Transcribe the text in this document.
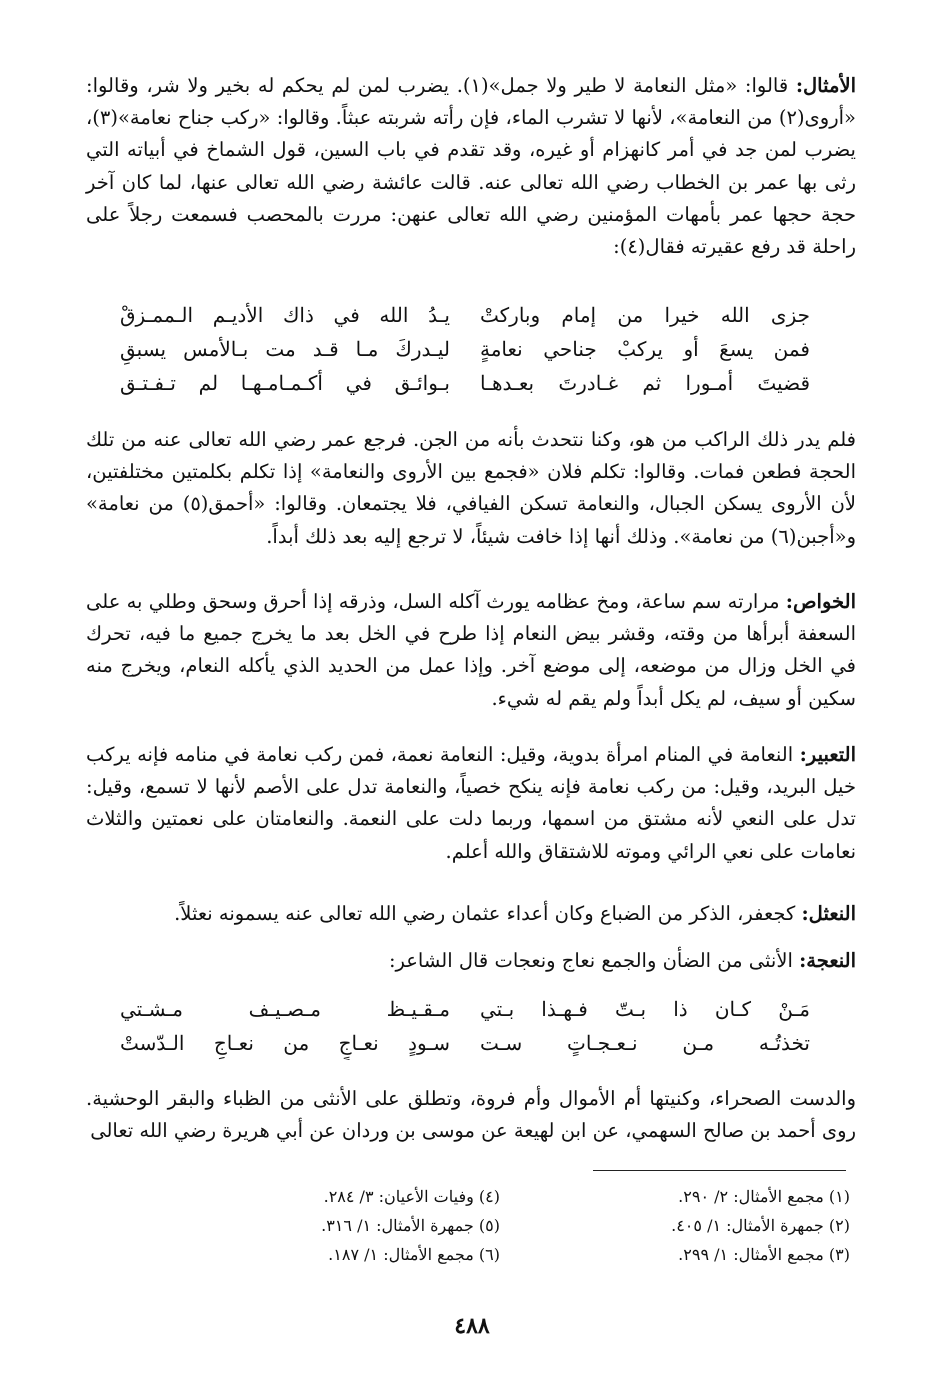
الأمثال: قالوا: «مثل النعامة لا طير ولا جمل»(١). يضرب لمن لم يحكم له بخير ولا شر، وقالوا: «أروى(٢) من النعامة»، لأنها لا تشرب الماء، فإن رأته شربته عبثاً. وقالوا: «ركب جناح نعامة»(٣)، يضرب لمن جد في أمر كانهزام أو غيره، وقد تقدم في باب السين، قول الشماخ في أبياته التي رثى بها عمر بن الخطاب رضي الله تعالى عنه. قالت عائشة رضي الله تعالى عنها، لما كان آخر حجة حجها عمر بأمهات المؤمنين رضي الله تعالى عنهن: مررت بالمحصب فسمعت رجلاً على راحلة قد رفع عقيرته فقال(٤):

جزى الله خيرا من إمام وباركتْ
يـدُ الله في ذاك الأديـم الـممـزقْ
فمن يسعَ أو يركبْ جناحي نعامةٍ
ليـدركَ مـا قـد مت بـالأمس يسبقِ
قضيتَ أمـورا ثم غـادرتَ بعـدهـا
بـوائـق في أكـمـامـهـا لم تـفـتـق

فلم يدر ذلك الراكب من هو، وكنا نتحدث بأنه من الجن. فرجع عمر رضي الله تعالى عنه من تلك الحجة فطعن فمات. وقالوا: تكلم فلان «فجمع بين الأروى والنعامة» إذا تكلم بكلمتين مختلفتين، لأن الأروى يسكن الجبال، والنعامة تسكن الفيافي، فلا يجتمعان. وقالوا: «أحمق(٥) من نعامة» و«أجبن(٦) من نعامة». وذلك أنها إذا خافت شيئاً، لا ترجع إليه بعد ذلك أبداً.

الخواص: مرارته سم ساعة، ومخ عظامه يورث آكله السل، وذرقه إذا أحرق وسحق وطلي به على السعفة أبرأها من وقته، وقشر بيض النعام إذا طرح في الخل بعد ما يخرج جميع ما فيه، تحرك في الخل وزال من موضعه، إلى موضع آخر. وإذا عمل من الحديد الذي يأكله النعام، ويخرج منه سكين أو سيف، لم يكل أبداً ولم يقم له شيء.

التعبير: النعامة في المنام امرأة بدوية، وقيل: النعامة نعمة، فمن ركب نعامة في منامه فإنه يركب خيل البريد، وقيل: من ركب نعامة فإنه ينكح خصياً، والنعامة تدل على الأصم لأنها لا تسمع، وقيل: تدل على النعي لأنه مشتق من اسمها، وربما دلت على النعمة. والنعامتان على نعمتين والثلاث نعامات على نعي الرائي وموته للاشتقاق والله أعلم.

النعثل: كجعفر، الذكر من الضباع وكان أعداء عثمان رضي الله تعالى عنه يسمونه نعثلاً.

النعجة: الأنثى من الضأن والجمع نعاج ونعجات قال الشاعر:

مَـنْ كـان ذا بـتّ فـهـذا بـتي
مـقـيـظ مـصـيـف مـشـتي
تخذتُـه مـن نـعـجـاتٍ سـت
سـودٍ نعـاجٍ من نعـاجِ الـدّستْ

والدست الصحراء، وكنيتها أم الأموال وأم فروة، وتطلق على الأنثى من الظباء والبقر الوحشية. روى أحمد بن صالح السهمي، عن ابن لهيعة عن موسى بن وردان عن أبي هريرة رضي الله تعالى

(١) مجمع الأمثال: ٢/ ٢٩٠.
(٤) وفيات الأعيان: ٣/ ٢٨٤.
(٢) جمهرة الأمثال: ١/ ٤٠٥.
(٥) جمهرة الأمثال: ١/ ٣١٦.
(٣) مجمع الأمثال: ١/ ٢٩٩.
(٦) مجمع الأمثال: ١/ ١٨٧.
٤٨٨
